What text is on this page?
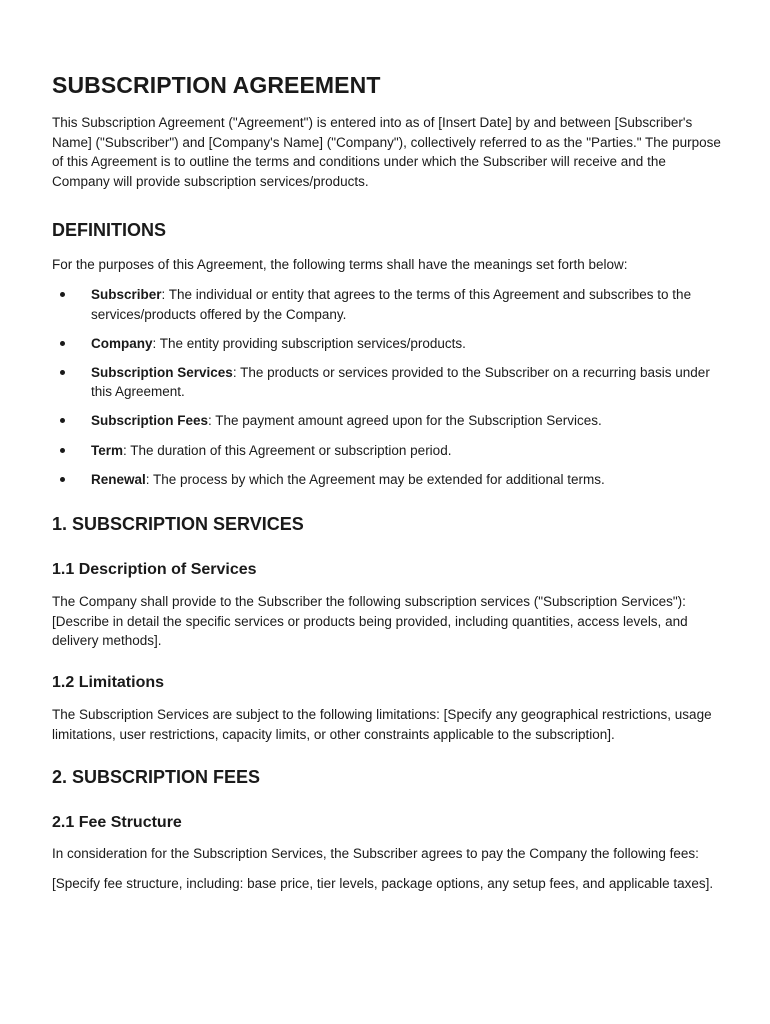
SUBSCRIPTION AGREEMENT

This Subscription Agreement ("Agreement") is entered into as of [Insert Date] by and between [Subscriber's Name] ("Subscriber") and [Company's Name] ("Company"), collectively referred to as the "Parties." The purpose of this Agreement is to outline the terms and conditions under which the Subscriber will receive and the Company will provide subscription services/products.

DEFINITIONS

For the purposes of this Agreement, the following terms shall have the meanings set forth below:

Subscriber: The individual or entity that agrees to the terms of this Agreement and subscribes to the services/products offered by the Company.
Company: The entity providing subscription services/products.
Subscription Services: The products or services provided to the Subscriber on a recurring basis under this Agreement.
Subscription Fees: The payment amount agreed upon for the Subscription Services.
Term: The duration of this Agreement or subscription period.
Renewal: The process by which the Agreement may be extended for additional terms.
1. SUBSCRIPTION SERVICES
1.1 Description of Services

The Company shall provide to the Subscriber the following subscription services ("Subscription Services"): [Describe in detail the specific services or products being provided, including quantities, access levels, and delivery methods].

1.2 Limitations

The Subscription Services are subject to the following limitations: [Specify any geographical restrictions, usage limitations, user restrictions, capacity limits, or other constraints applicable to the subscription].

2. SUBSCRIPTION FEES
2.1 Fee Structure

In consideration for the Subscription Services, the Subscriber agrees to pay the Company the following fees:

[Specify fee structure, including: base price, tier levels, package options, any setup fees, and applicable taxes].
